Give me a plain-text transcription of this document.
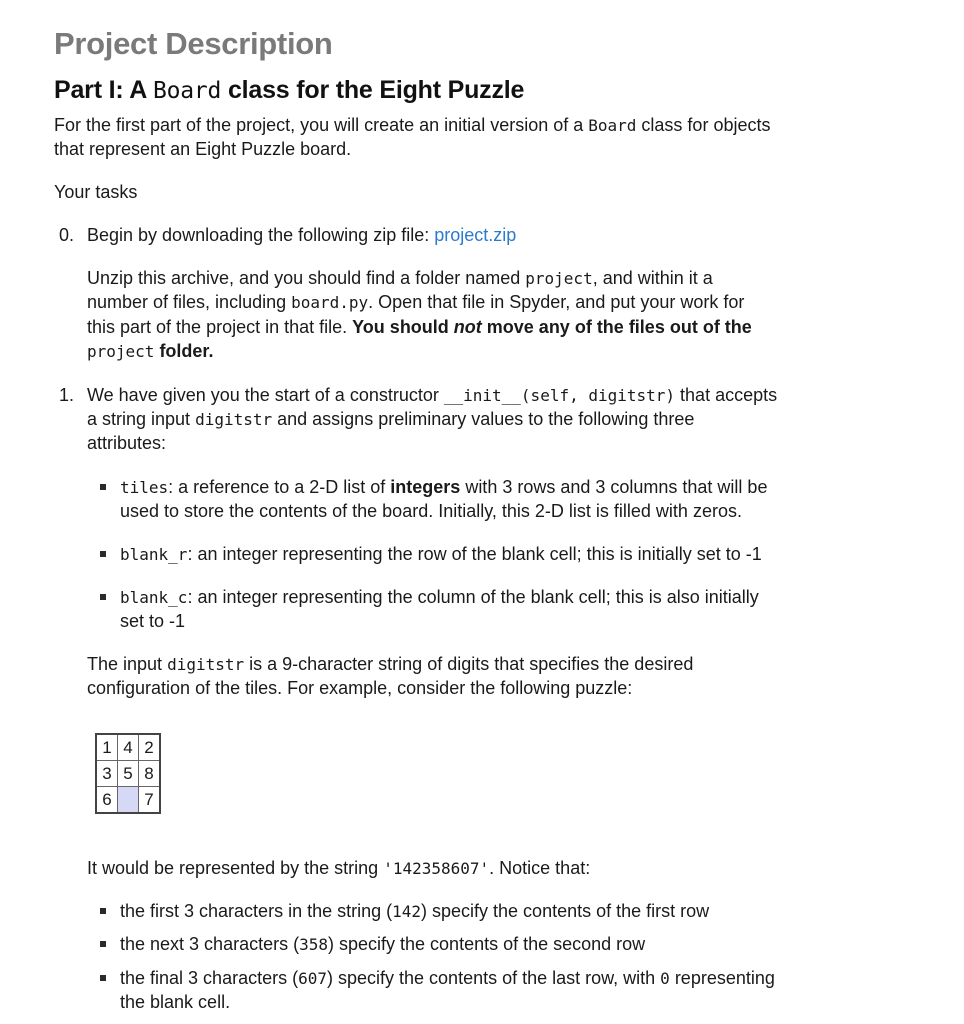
Project Description
Part I: A Board class for the Eight Puzzle
For the first part of the project, you will create an initial version of a Board class for objects
that represent an Eight Puzzle board.
Your tasks
0. Begin by downloading the following zip file: project.zip
Unzip this archive, and you should find a folder named project, and within it a
number of files, including board.py. Open that file in Spyder, and put your work for
this part of the project in that file. You should not move any of the files out of the
project folder.
1. We have given you the start of a constructor __init__(self, digitstr) that accepts
a string input digitstr and assigns preliminary values to the following three
attributes:
tiles: a reference to a 2-D list of integers with 3 rows and 3 columns that will be
used to store the contents of the board. Initially, this 2-D list is filled with zeros.
blank_r: an integer representing the row of the blank cell; this is initially set to -1
blank_c: an integer representing the column of the blank cell; this is also initially
set to -1
The input digitstr is a 9-character string of digits that specifies the desired
configuration of the tiles. For example, consider the following puzzle:
1	4	2
3	5	8
6		7
It would be represented by the string '142358607'. Notice that:
the first 3 characters in the string (142) specify the contents of the first row
the next 3 characters (358) specify the contents of the second row
the final 3 characters (607) specify the contents of the last row, with 0 representing
the blank cell.
